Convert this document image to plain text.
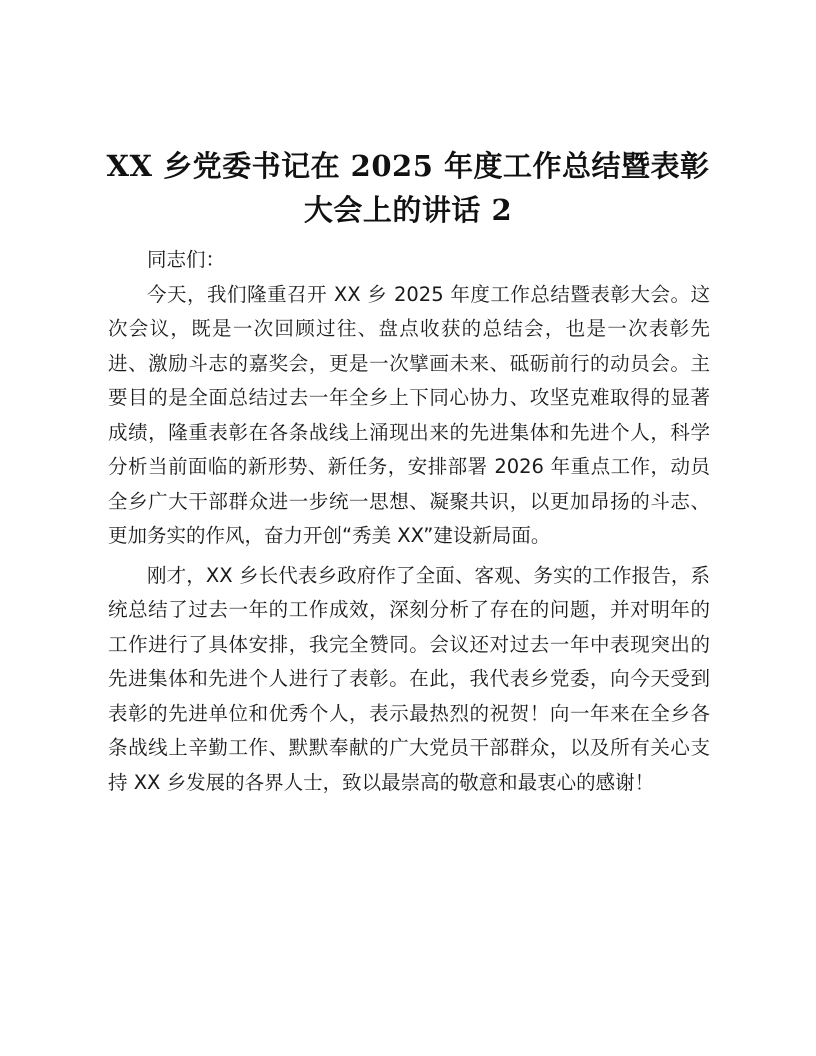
XX 乡党委书记在 2025 年度工作总结暨表彰大会上的讲话 2

同志们：

今天，我们隆重召开 XX 乡 2025 年度工作总结暨表彰大会。这次会议，既是一次回顾过往、盘点收获的总结会，也是一次表彰先进、激励斗志的嘉奖会，更是一次擘画未来、砥砺前行的动员会。主要目的是全面总结过去一年全乡上下同心协力、攻坚克难取得的显著成绩，隆重表彰在各条战线上涌现出来的先进集体和先进个人，科学分析当前面临的新形势、新任务，安排部署 2026 年重点工作，动员全乡广大干部群众进一步统一思想、凝聚共识，以更加昂扬的斗志、更加务实的作风，奋力开创“秀美 XX”建设新局面。

刚才，XX 乡长代表乡政府作了全面、客观、务实的工作报告，系统总结了过去一年的工作成效，深刻分析了存在的问题，并对明年的工作进行了具体安排，我完全赞同。会议还对过去一年中表现突出的先进集体和先进个人进行了表彰。在此，我代表乡党委，向今天受到表彰的先进单位和优秀个人，表示最热烈的祝贺！向一年来在全乡各条战线上辛勤工作、默默奉献的广大党员干部群众，以及所有关心支持 XX 乡发展的各界人士，致以最崇高的敬意和最衷心的感谢！
